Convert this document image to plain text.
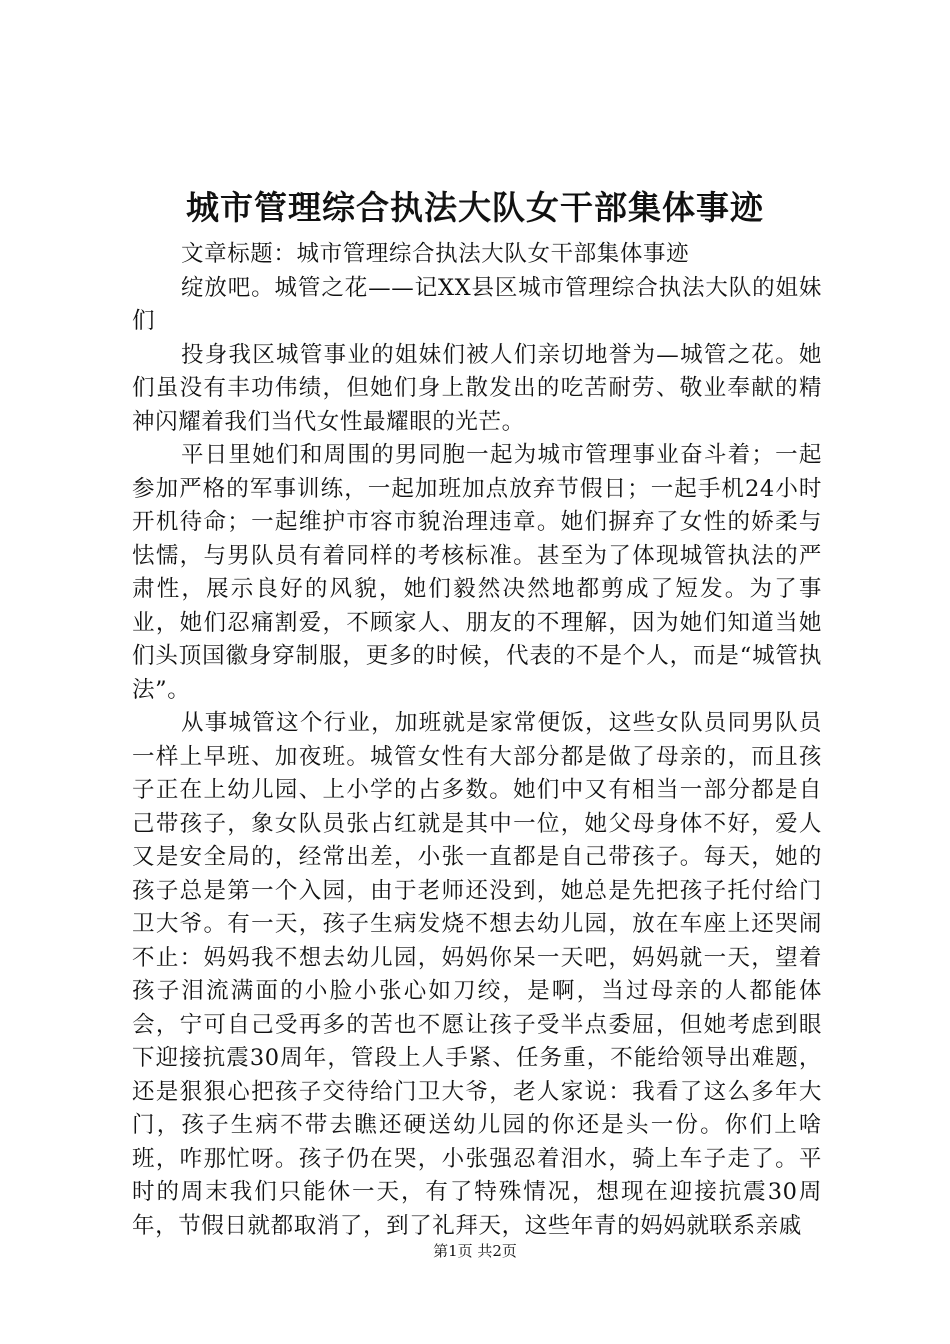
城市管理综合执法大队女干部集体事迹

文章标题：城市管理综合执法大队女干部集体事迹

绽放吧。城管之花——记XX县区城市管理综合执法大队的姐妹们

投身我区城管事业的姐妹们被人们亲切地誉为—城管之花。她们虽没有丰功伟绩，但她们身上散发出的吃苦耐劳、敬业奉献的精神闪耀着我们当代女性最耀眼的光芒。

平日里她们和周围的男同胞一起为城市管理事业奋斗着；一起参加严格的军事训练，一起加班加点放弃节假日；一起手机24小时开机待命；一起维护市容市貌治理违章。她们摒弃了女性的娇柔与怯懦，与男队员有着同样的考核标准。甚至为了体现城管执法的严肃性，展示良好的风貌，她们毅然决然地都剪成了短发。为了事业，她们忍痛割爱，不顾家人、朋友的不理解，因为她们知道当她们头顶国徽身穿制服，更多的时候，代表的不是个人，而是“城管执法”。

从事城管这个行业，加班就是家常便饭，这些女队员同男队员一样上早班、加夜班。城管女性有大部分都是做了母亲的，而且孩子正在上幼儿园、上小学的占多数。她们中又有相当一部分都是自己带孩子，象女队员张占红就是其中一位，她父母身体不好，爱人又是安全局的，经常出差，小张一直都是自己带孩子。每天，她的孩子总是第一个入园，由于老师还没到，她总是先把孩子托付给门卫大爷。有一天，孩子生病发烧不想去幼儿园，放在车座上还哭闹不止：妈妈我不想去幼儿园，妈妈你呆一天吧，妈妈就一天，望着孩子泪流满面的小脸小张心如刀绞，是啊，当过母亲的人都能体会，宁可自己受再多的苦也不愿让孩子受半点委屈，但她考虑到眼下迎接抗震30周年，管段上人手紧、任务重，不能给领导出难题，还是狠狠心把孩子交待给门卫大爷，老人家说：我看了这么多年大门，孩子生病不带去瞧还硬送幼儿园的你还是头一份。你们上啥班，咋那忙呀。孩子仍在哭，小张强忍着泪水，骑上车子走了。平时的周末我们只能休一天，有了特殊情况，想现在迎接抗震30周年，节假日就都取消了，到了礼拜天，这些年青的妈妈就联系亲戚

第1页 共2页
